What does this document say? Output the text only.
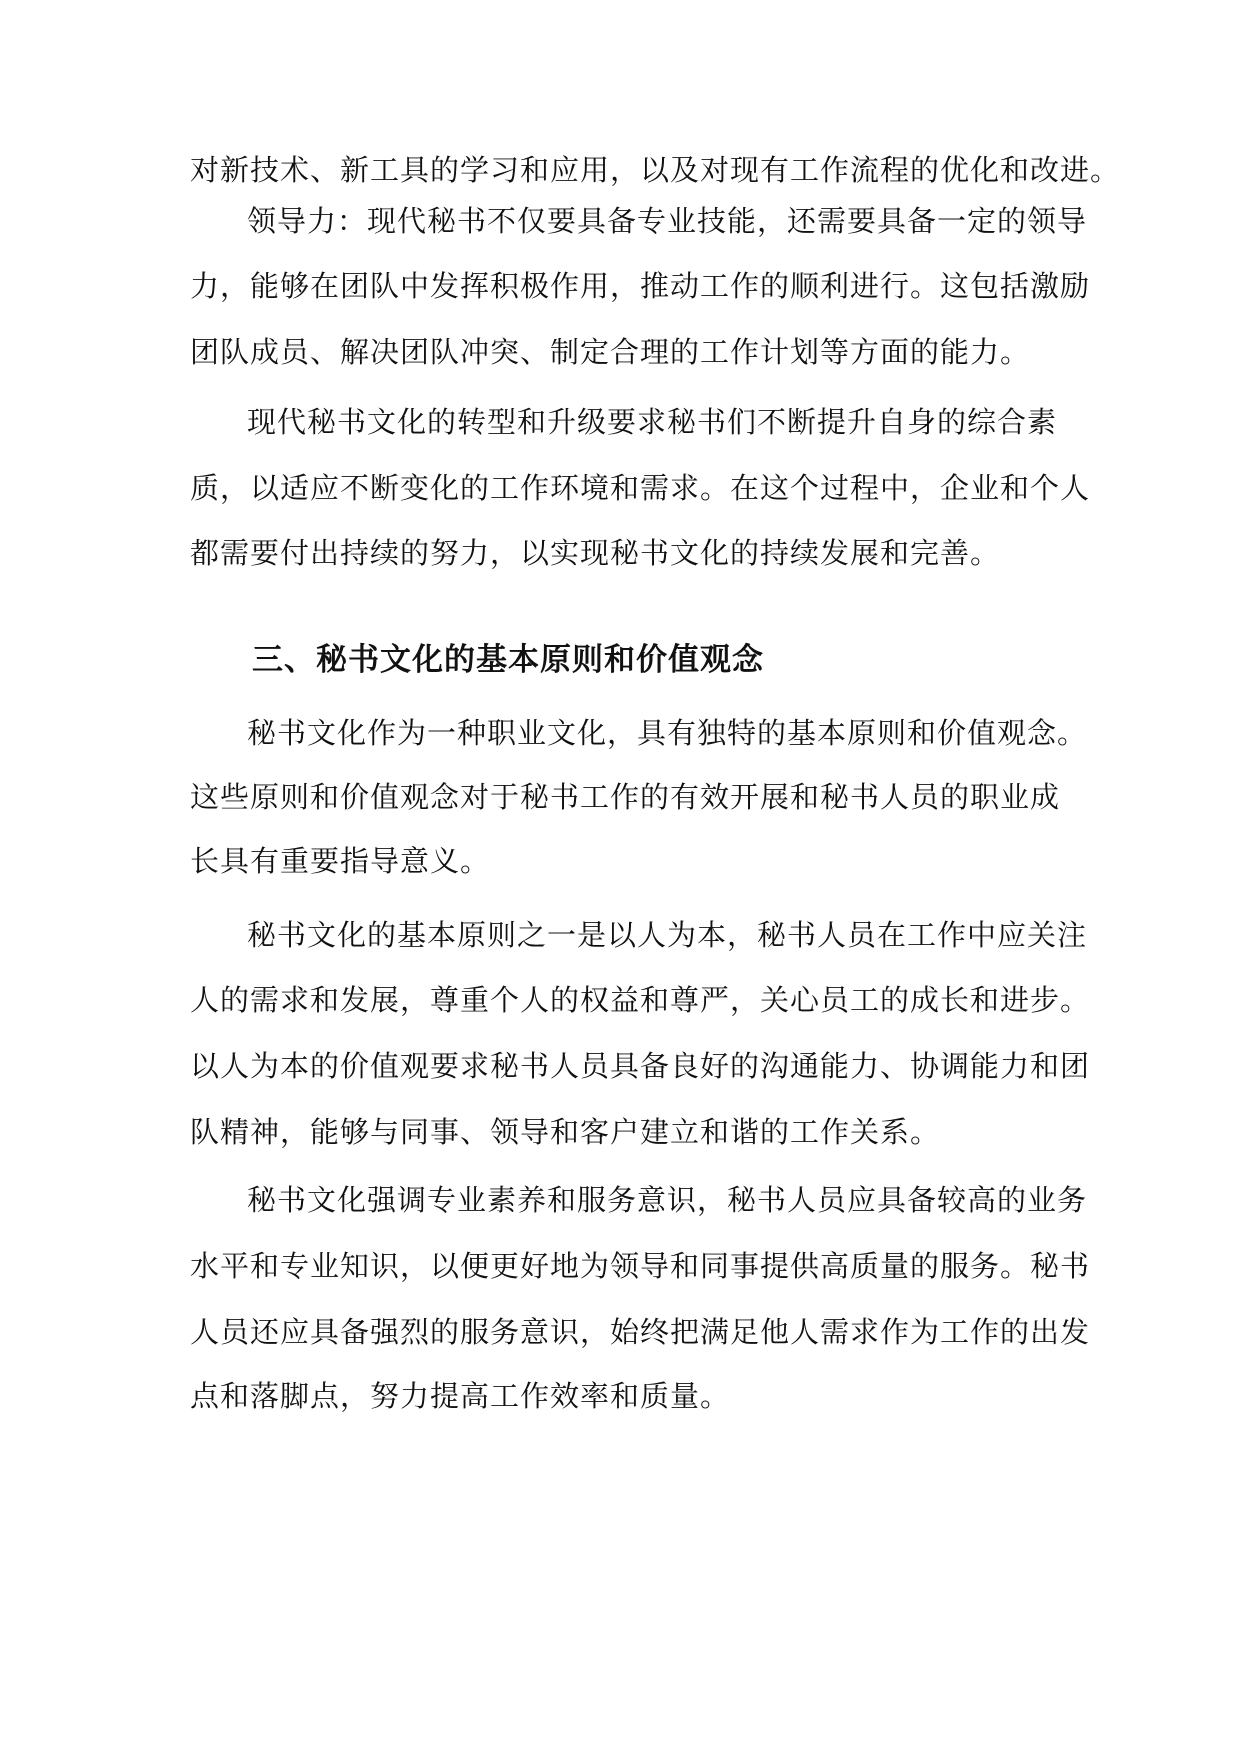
对新技术、新工具的学习和应用，以及对现有工作流程的优化和改进。
领导力：现代秘书不仅要具备专业技能，还需要具备一定的领导
力，能够在团队中发挥积极作用，推动工作的顺利进行。这包括激励
团队成员、解决团队冲突、制定合理的工作计划等方面的能力。
现代秘书文化的转型和升级要求秘书们不断提升自身的综合素
质，以适应不断变化的工作环境和需求。在这个过程中，企业和个人
都需要付出持续的努力，以实现秘书文化的持续发展和完善。
三、秘书文化的基本原则和价值观念
秘书文化作为一种职业文化，具有独特的基本原则和价值观念。
这些原则和价值观念对于秘书工作的有效开展和秘书人员的职业成
长具有重要指导意义。
秘书文化的基本原则之一是以人为本，秘书人员在工作中应关注
人的需求和发展，尊重个人的权益和尊严，关心员工的成长和进步。
以人为本的价值观要求秘书人员具备良好的沟通能力、协调能力和团
队精神，能够与同事、领导和客户建立和谐的工作关系。
秘书文化强调专业素养和服务意识，秘书人员应具备较高的业务
水平和专业知识，以便更好地为领导和同事提供高质量的服务。秘书
人员还应具备强烈的服务意识，始终把满足他人需求作为工作的出发
点和落脚点，努力提高工作效率和质量。
